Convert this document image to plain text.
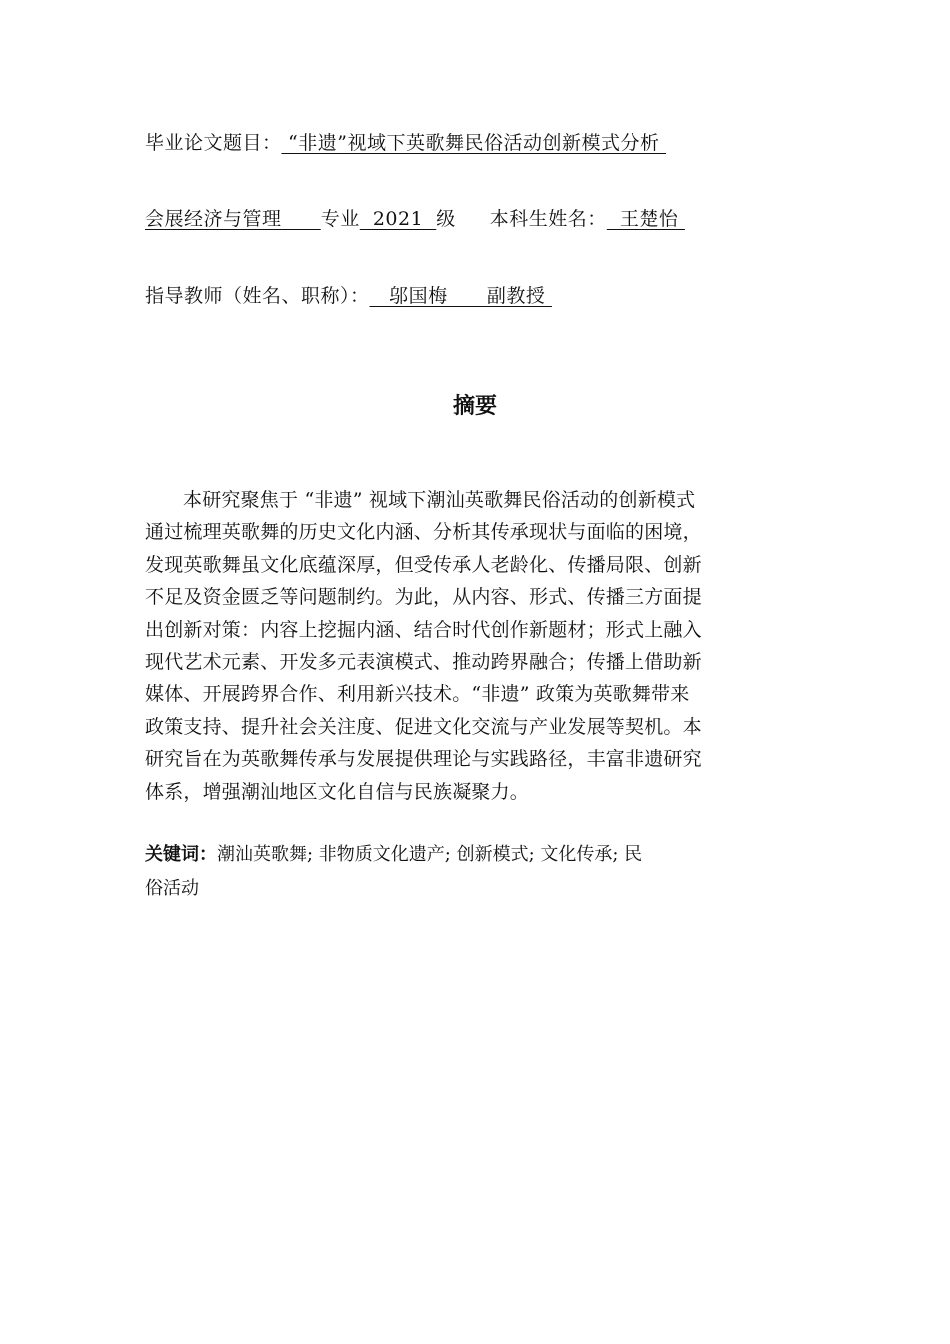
毕业论文题目： “非遗”视域下英歌舞民俗活动创新模式分析
会展经济与管理      专业  2021  级 本科生姓名：  王楚怡
指导教师（姓名、职称）：   邬国梅      副教授
摘要
本研究聚焦于 “非遗” 视域下潮汕英歌舞民俗活动的创新模式
通过梳理英歌舞的历史文化内涵、分析其传承现状与面临的困境，
发现英歌舞虽文化底蕴深厚，但受传承人老龄化、传播局限、创新
不足及资金匮乏等问题制约。为此，从内容、形式、传播三方面提
出创新对策：内容上挖掘内涵、结合时代创作新题材；形式上融入
现代艺术元素、开发多元表演模式、推动跨界融合；传播上借助新
媒体、开展跨界合作、利用新兴技术。“非遗” 政策为英歌舞带来
政策支持、提升社会关注度、促进文化交流与产业发展等契机。本
研究旨在为英歌舞传承与发展提供理论与实践路径，丰富非遗研究
体系，增强潮汕地区文化自信与民族凝聚力。
关键词：潮汕英歌舞; 非物质文化遗产; 创新模式; 文化传承; 民
俗活动
